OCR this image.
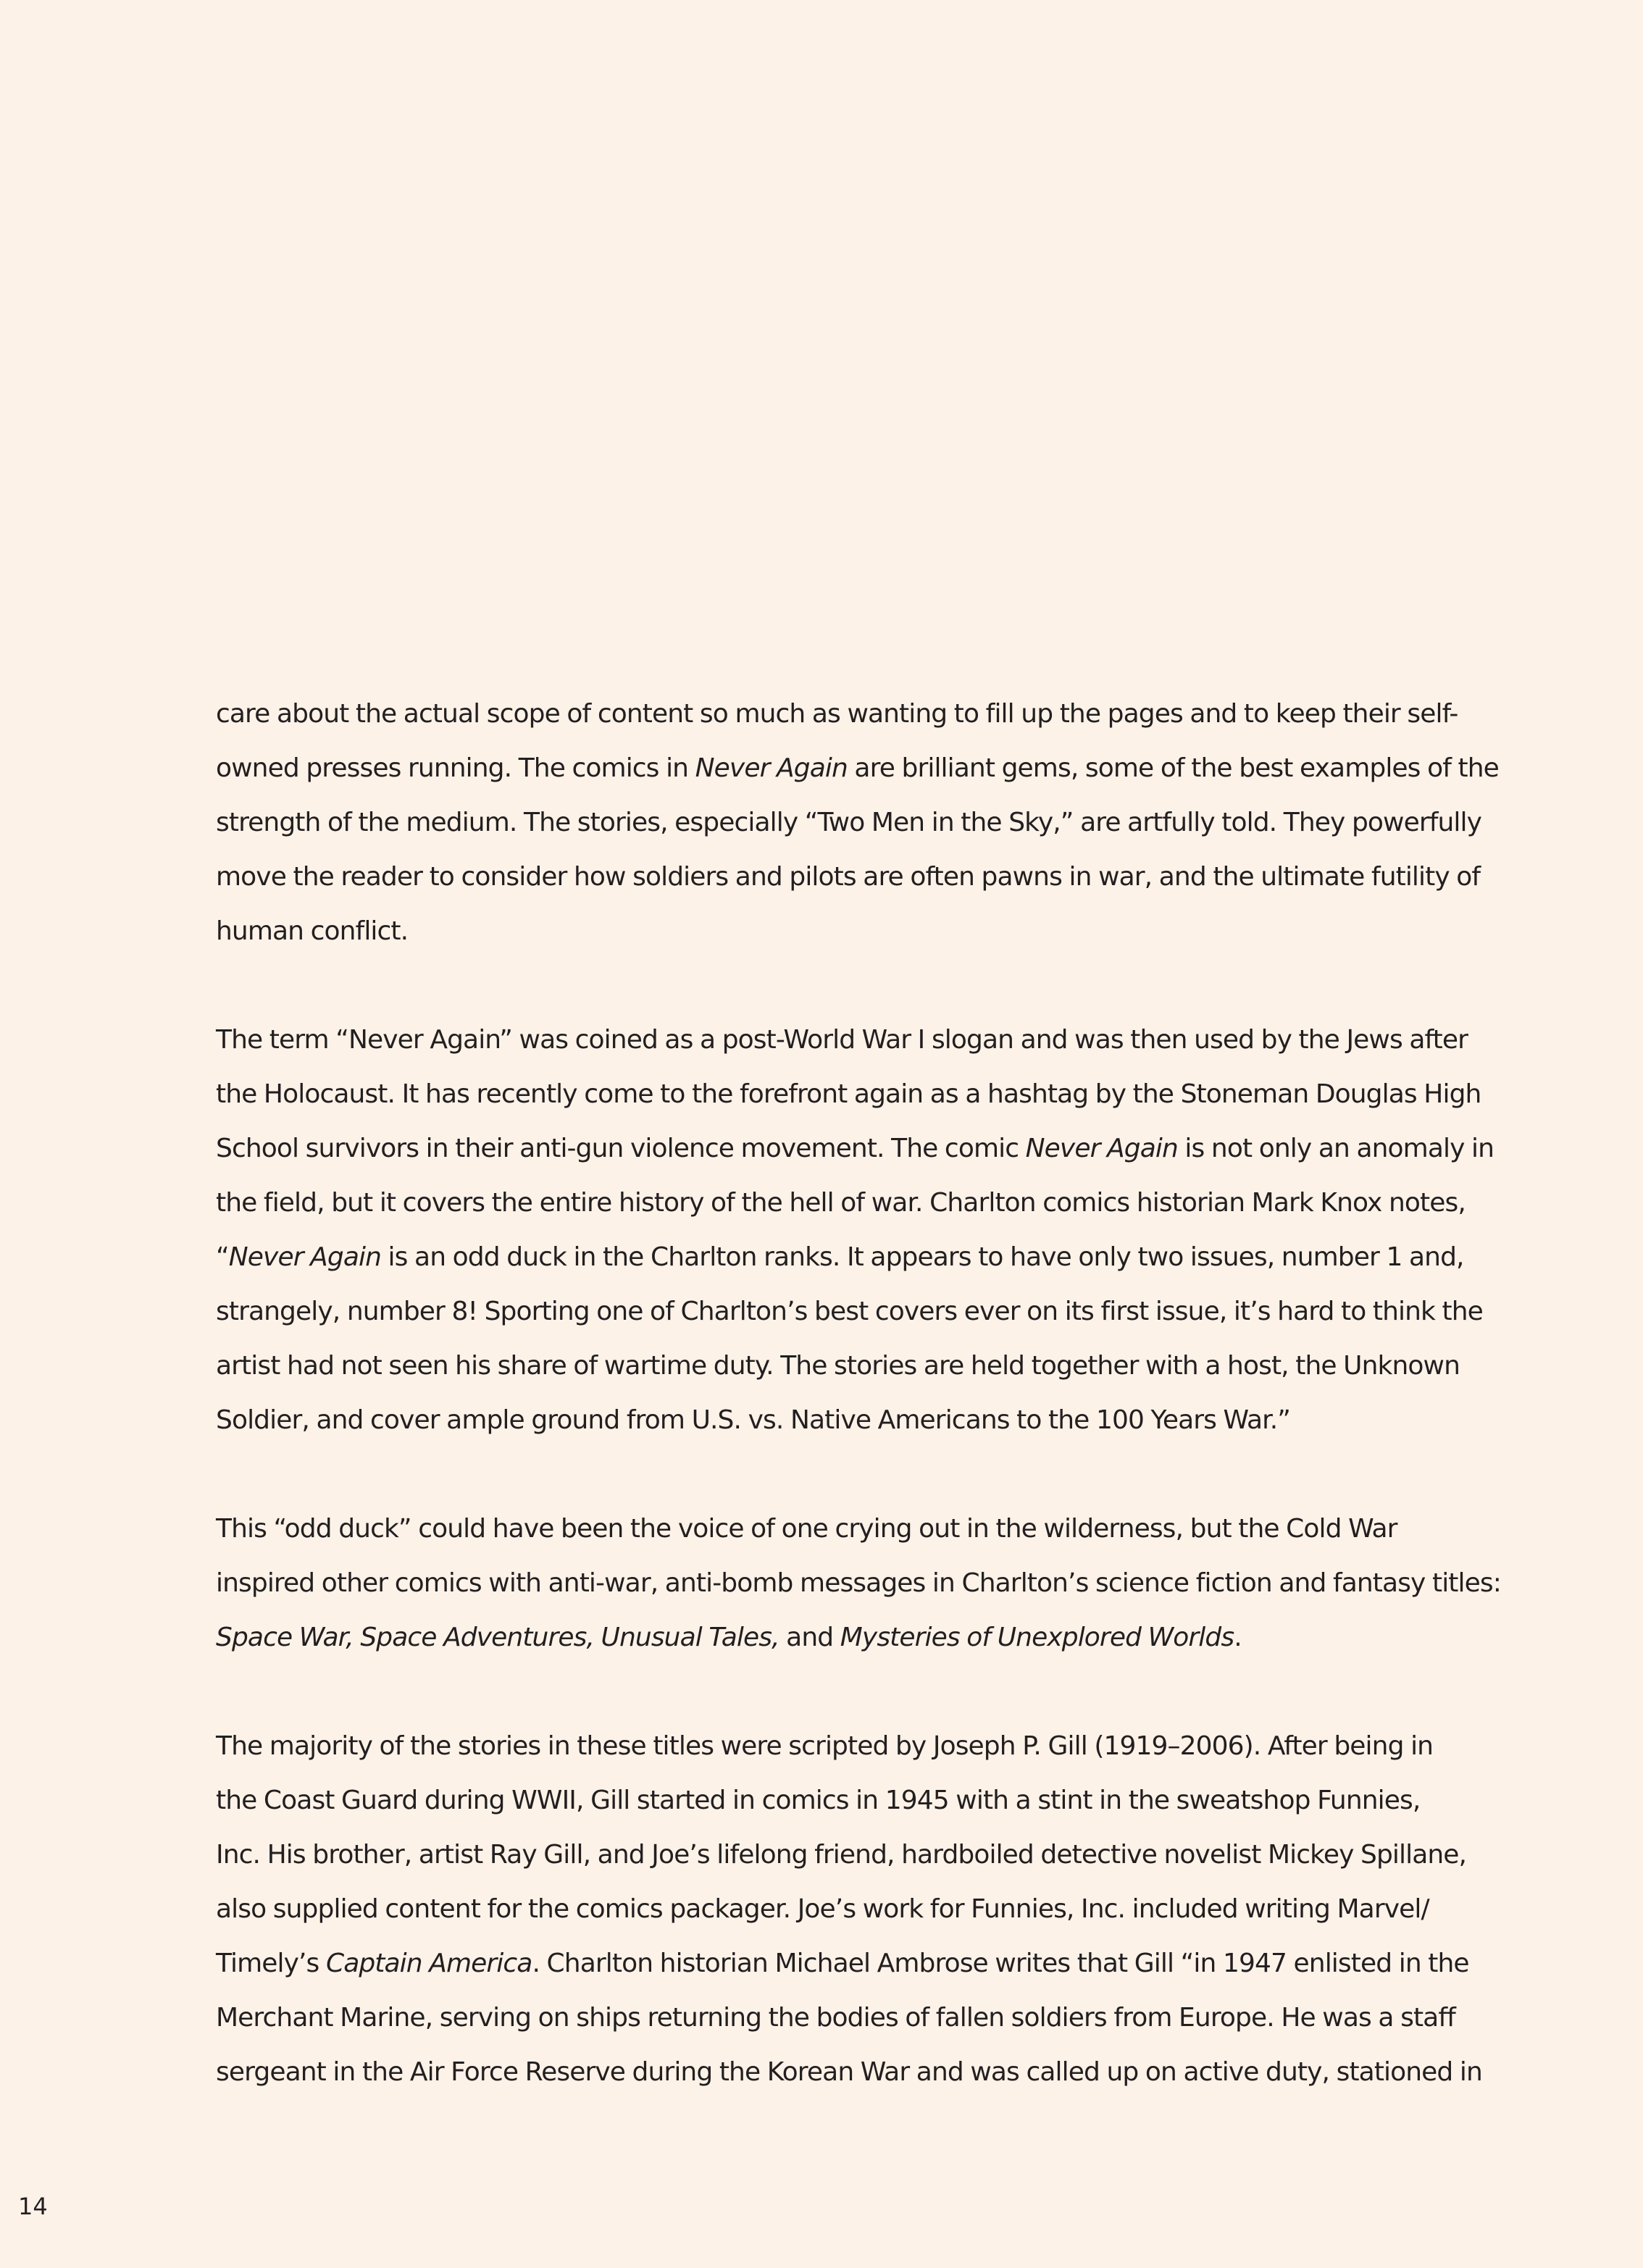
care about the actual scope of content so much as wanting to fill up the pages and to keep their self-
owned presses running. The comics in Never Again are brilliant gems, some of the best examples of the
strength of the medium. The stories, especially “Two Men in the Sky,” are artfully told. They powerfully
move the reader to consider how soldiers and pilots are often pawns in war, and the ultimate futility of
human conflict.
The term “Never Again” was coined as a post-World War I slogan and was then used by the Jews after
the Holocaust. It has recently come to the forefront again as a hashtag by the Stoneman Douglas High
School survivors in their anti-gun violence movement. The comic Never Again is not only an anomaly in
the field, but it covers the entire history of the hell of war. Charlton comics historian Mark Knox notes,
“Never Again is an odd duck in the Charlton ranks. It appears to have only two issues, number 1 and,
strangely, number 8! Sporting one of Charlton’s best covers ever on its first issue, it’s hard to think the
artist had not seen his share of wartime duty. The stories are held together with a host, the Unknown
Soldier, and cover ample ground from U.S. vs. Native Americans to the 100 Years War.”
This “odd duck” could have been the voice of one crying out in the wilderness, but the Cold War
inspired other comics with anti-war, anti-bomb messages in Charlton’s science fiction and fantasy titles:
Space War, Space Adventures, Unusual Tales, and Mysteries of Unexplored Worlds.
The majority of the stories in these titles were scripted by Joseph P. Gill (1919–2006). After being in
the Coast Guard during WWII, Gill started in comics in 1945 with a stint in the sweatshop Funnies,
Inc. His brother, artist Ray Gill, and Joe’s lifelong friend, hardboiled detective novelist Mickey Spillane,
also supplied content for the comics packager. Joe’s work for Funnies, Inc. included writing Marvel/
Timely’s Captain America. Charlton historian Michael Ambrose writes that Gill “in 1947 enlisted in the
Merchant Marine, serving on ships returning the bodies of fallen soldiers from Europe. He was a staff
sergeant in the Air Force Reserve during the Korean War and was called up on active duty, stationed in
14
